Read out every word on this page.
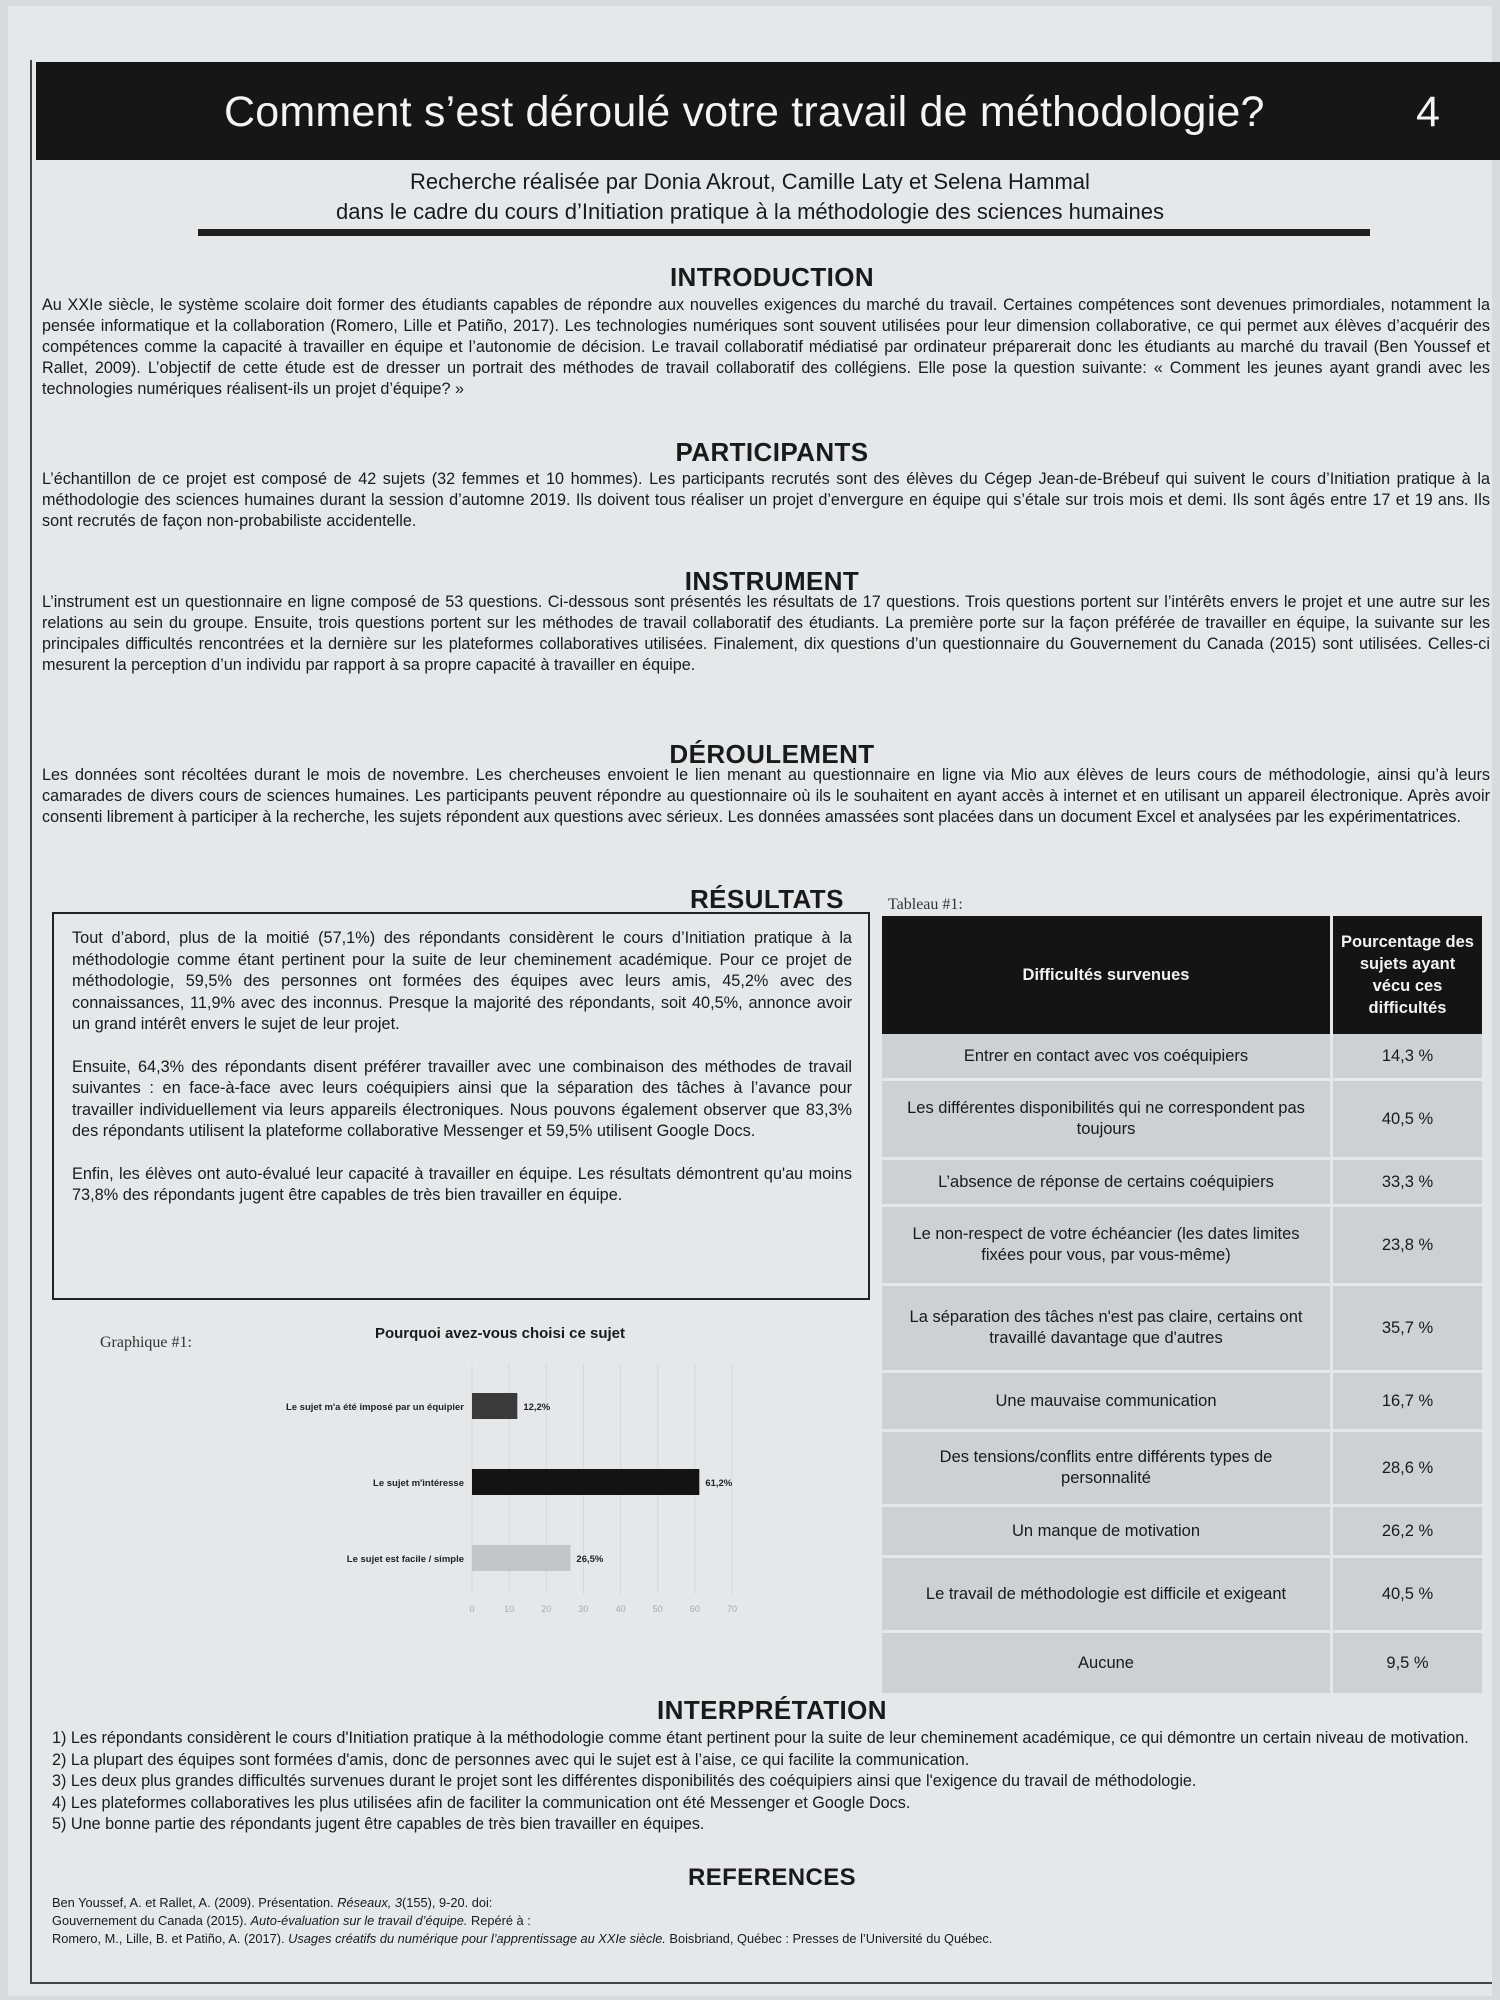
Comment s’est déroulé votre travail de méthodologie?	4
Recherche réalisée par Donia Akrout, Camille Laty et Selena Hammal
dans le cadre du cours d’Initiation pratique à la méthodologie des sciences humaines
INTRODUCTION
Au XXIe siècle, le système scolaire doit former des étudiants capables de répondre aux nouvelles exigences du marché du travail. Certaines compétences sont devenues primordiales, notamment la pensée informatique et la collaboration (Romero, Lille et Patiño, 2017). Les technologies numériques sont souvent utilisées pour leur dimension collaborative, ce qui permet aux élèves d’acquérir des compétences comme la capacité à travailler en équipe et l’autonomie de décision. Le travail collaboratif médiatisé par ordinateur préparerait donc les étudiants au marché du travail (Ben Youssef et Rallet, 2009). L’objectif de cette étude est de dresser un portrait des méthodes de travail collaboratif des collégiens. Elle pose la question suivante: « Comment les jeunes ayant grandi avec les technologies numériques réalisent-ils un projet d’équipe? »
PARTICIPANTS
L’échantillon de ce projet est composé de 42 sujets (32 femmes et 10 hommes). Les participants recrutés sont des élèves du Cégep Jean-de-Brébeuf qui suivent le cours d’Initiation pratique à la méthodologie des sciences humaines durant la session d’automne 2019. Ils doivent tous réaliser un projet d’envergure en équipe qui s’étale sur trois mois et demi. Ils sont âgés entre 17 et 19 ans. Ils sont recrutés de façon non-probabiliste accidentelle.
INSTRUMENT
L’instrument est un questionnaire en ligne composé de 53 questions. Ci-dessous sont présentés les résultats de 17 questions. Trois questions portent sur l’intérêts envers le projet et une autre sur les relations au sein du groupe. Ensuite, trois questions portent sur les méthodes de travail collaboratif des étudiants. La première porte sur la façon préférée de travailler en équipe, la suivante sur les principales difficultés rencontrées et la dernière sur les plateformes collaboratives utilisées. Finalement, dix questions d’un questionnaire du Gouvernement du Canada (2015) sont utilisées. Celles-ci mesurent la perception d’un individu par rapport à sa propre capacité à travailler en équipe.
DÉROULEMENT
Les données sont récoltées durant le mois de novembre. Les chercheuses envoient le lien menant au questionnaire en ligne via Mio aux élèves de leurs cours de méthodologie, ainsi qu’à leurs camarades de divers cours de sciences humaines. Les participants peuvent répondre au questionnaire où ils le souhaitent en ayant accès à internet et en utilisant un appareil électronique. Après avoir consenti librement à participer à la recherche, les sujets répondent aux questions avec sérieux. Les données amassées sont placées dans un document Excel et analysées par les expérimentatrices.
RÉSULTATS

Tout d’abord, plus de la moitié (57,1%) des répondants considèrent le cours d’Initiation pratique à la méthodologie comme étant pertinent pour la suite de leur cheminement académique. Pour ce projet de méthodologie, 59,5% des personnes ont formées des équipes avec leurs amis, 45,2% avec des connaissances, 11,9% avec des inconnus. Presque la majorité des répondants, soit 40,5%, annonce avoir un grand intérêt envers le sujet de leur projet.

Ensuite, 64,3% des répondants disent préférer travailler avec une combinaison des méthodes de travail suivantes : en face-à-face avec leurs coéquipiers ainsi que la séparation des tâches à l’avance pour travailler individuellement via leurs appareils électroniques. Nous pouvons également observer que 83,3% des répondants utilisent la plateforme collaborative Messenger et 59,5% utilisent Google Docs.

Enfin, les élèves ont auto-évalué leur capacité à travailler en équipe. Les résultats démontrent qu'au moins 73,8% des répondants jugent être capables de très bien travailler en équipe.

Tableau #1:
Difficultés survenues	Pourcentage des sujets ayant vécu ces difficultés
Entrer en contact avec vos coéquipiers	14,3 %
Les différentes disponibilités qui ne correspondent pas toujours	40,5 %
L’absence de réponse de certains coéquipiers	33,3 %
Le non-respect de votre échéancier (les dates limites fixées pour vous, par vous-même)	23,8 %
La séparation des tâches n'est pas claire, certains ont travaillé davantage que d'autres	35,7 %
Une mauvaise communication	16,7 %
Des tensions/conflits entre différents types de personnalité	28,6 %
Un manque de motivation	26,2 %
Le travail de méthodologie est difficile et exigeant	40,5 %
Aucune	9,5 %
Graphique #1:
Pourquoi avez-vous choisi ce sujet
0	10	20	30	40	50	60	70
Le sujet m'a été imposé par un équipier	12,2%
Le sujet m'intéresse	61,2%
Le sujet est facile / simple	26,5%
INTERPRÉTATION
1) Les répondants considèrent le cours d'Initiation pratique à la méthodologie comme étant pertinent pour la suite de leur cheminement académique, ce qui démontre un certain niveau de motivation.
2) La plupart des équipes sont formées d'amis, donc de personnes avec qui le sujet est à l’aise, ce qui facilite la communication.
3) Les deux plus grandes difficultés survenues durant le projet sont les différentes disponibilités des coéquipiers ainsi que l'exigence du travail de méthodologie.
4) Les plateformes collaboratives les plus utilisées afin de faciliter la communication ont été Messenger et Google Docs.
5) Une bonne partie des répondants jugent être capables de très bien travailler en équipes.
REFERENCES
Ben Youssef, A. et Rallet, A. (2009). Présentation. Réseaux, 3(155), 9-20. doi:
Gouvernement du Canada (2015). Auto-évaluation sur le travail d’équipe. Repéré à :
Romero, M., Lille, B. et Patiño, A. (2017). Usages créatifs du numérique pour l’apprentissage au XXIe siècle. Boisbriand, Québec : Presses de l’Université du Québec.
